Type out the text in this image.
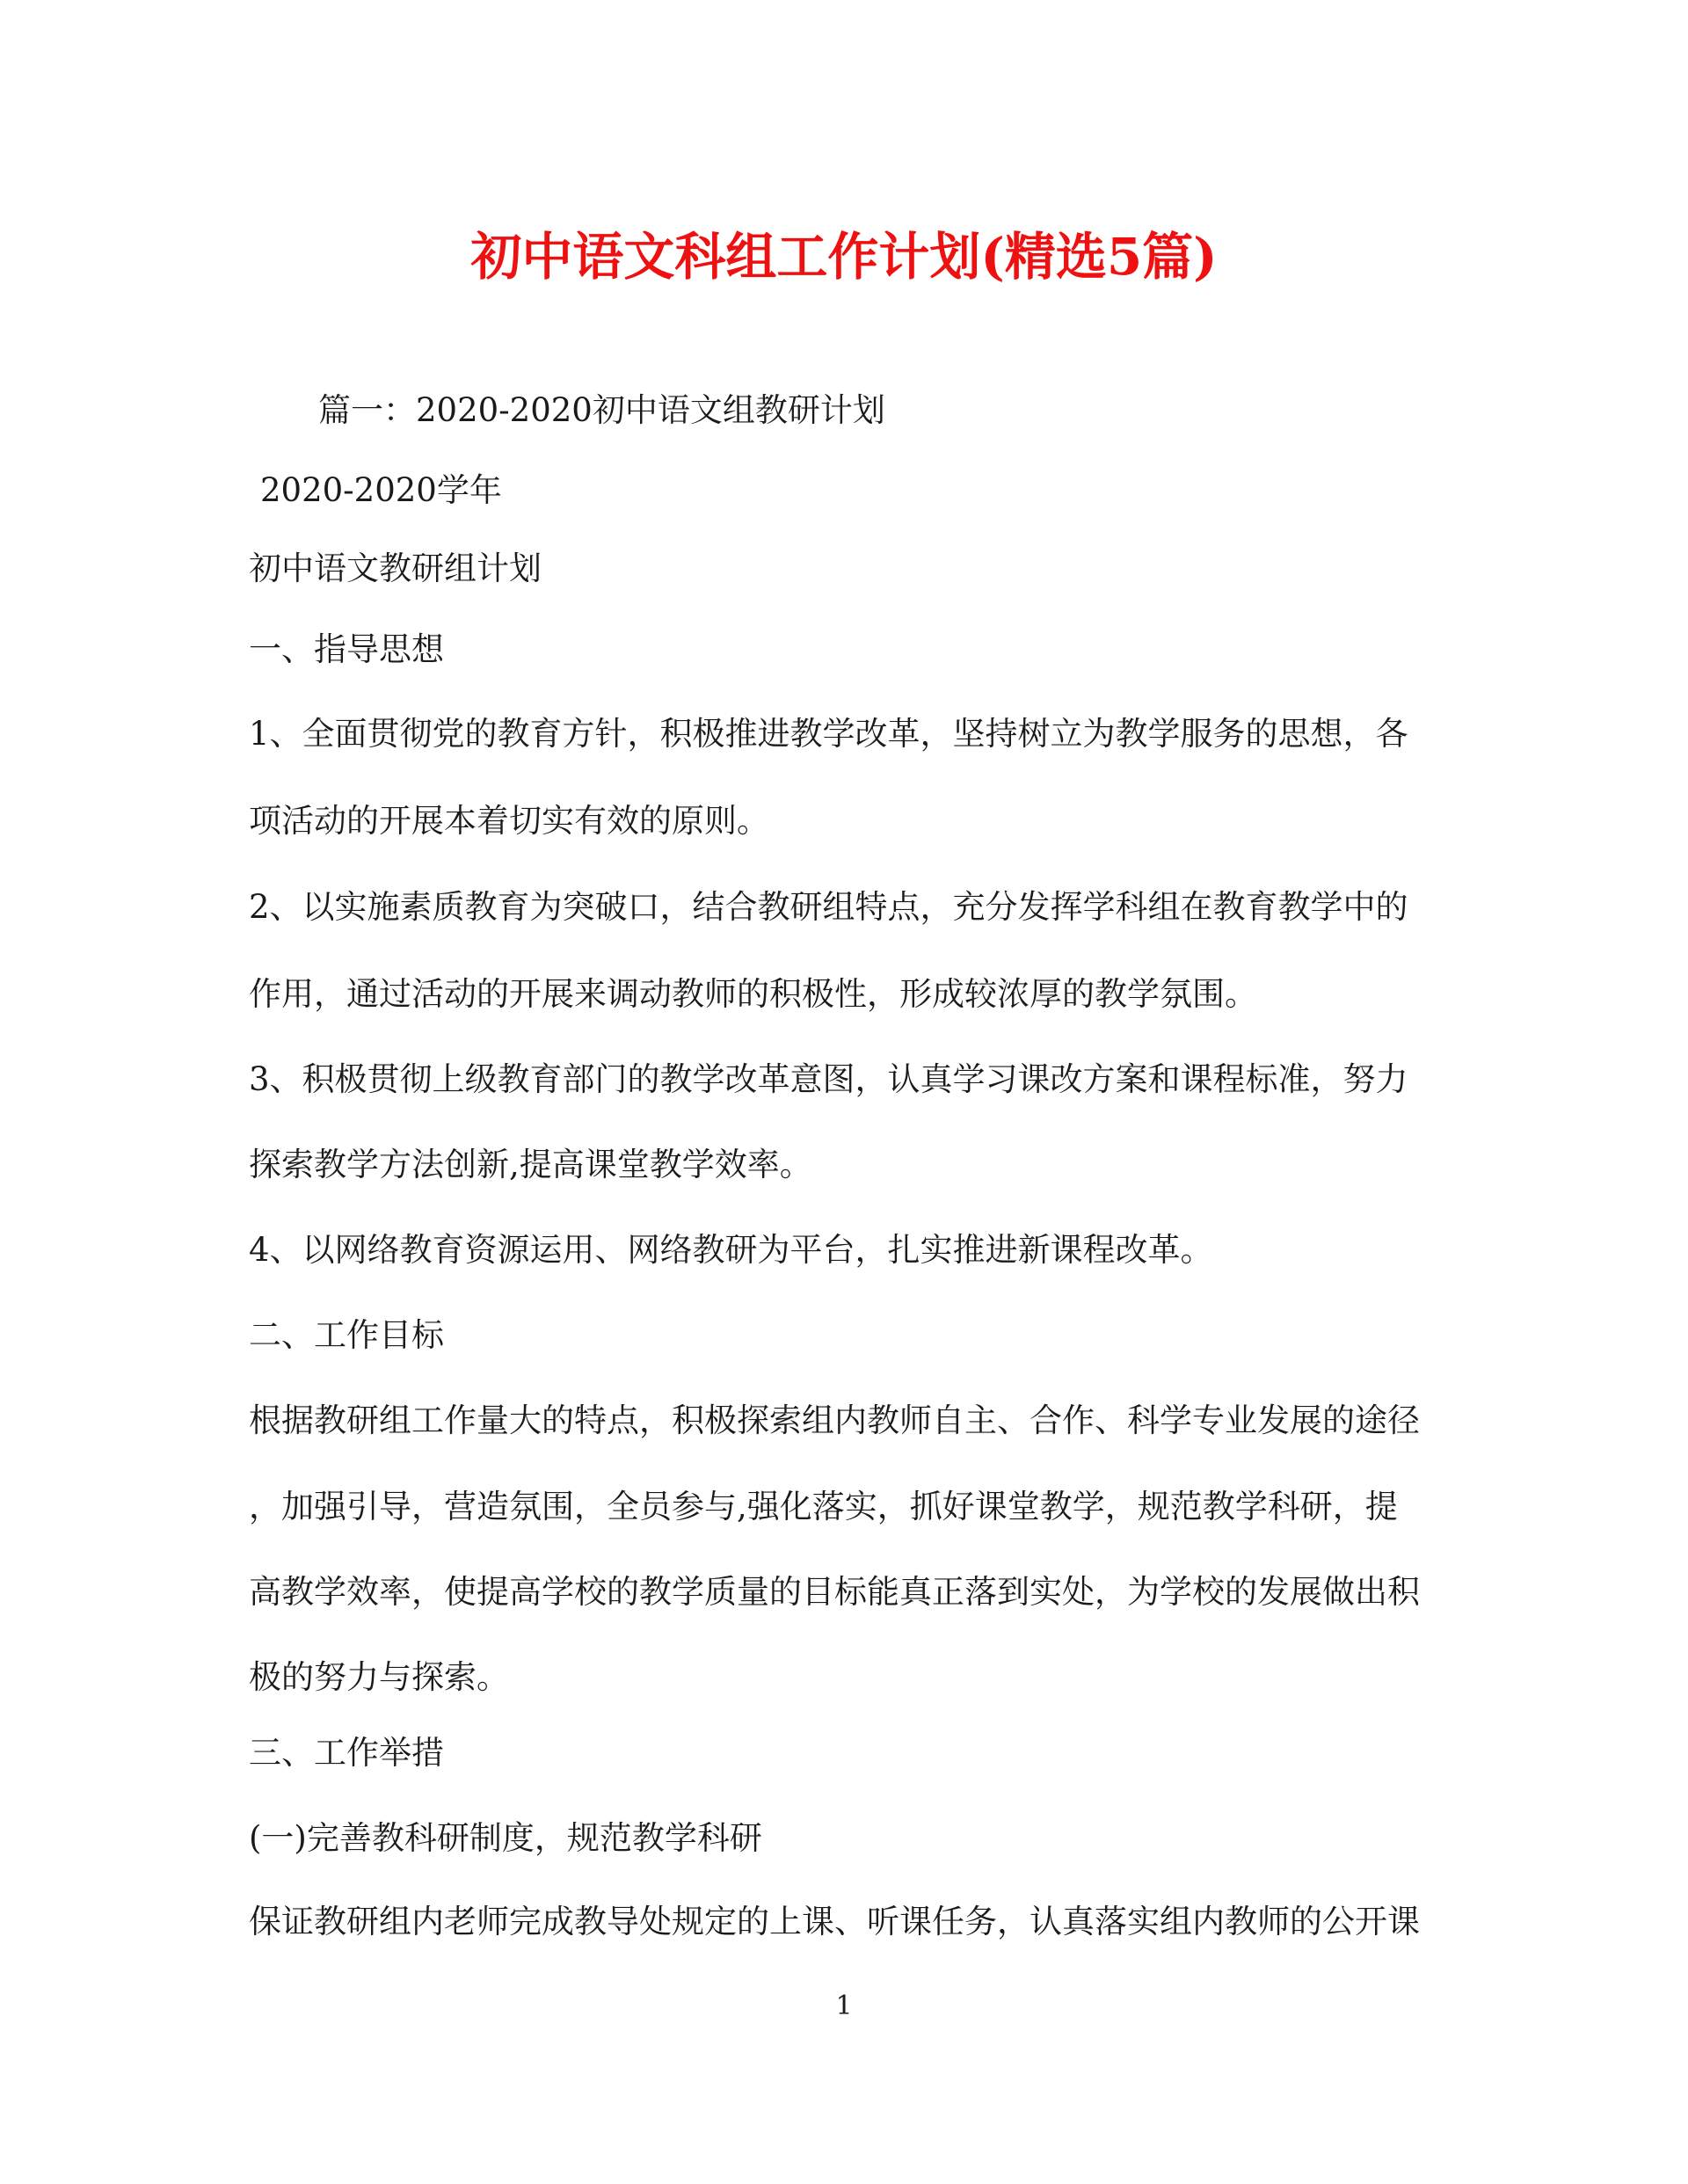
初中语文科组工作计划(精选5篇)
篇一：2020-2020初中语文组教研计划
2020-2020学年
初中语文教研组计划
一、指导思想
1、全面贯彻党的教育方针，积极推进教学改革，坚持树立为教学服务的思想，各
项活动的开展本着切实有效的原则。
2、以实施素质教育为突破口，结合教研组特点，充分发挥学科组在教育教学中的
作用，通过活动的开展来调动教师的积极性，形成较浓厚的教学氛围。
3、积极贯彻上级教育部门的教学改革意图，认真学习课改方案和课程标准，努力
探索教学方法创新,提高课堂教学效率。
4、以网络教育资源运用、网络教研为平台，扎实推进新课程改革。
二、工作目标
根据教研组工作量大的特点，积极探索组内教师自主、合作、科学专业发展的途径
，加强引导，营造氛围，全员参与,强化落实，抓好课堂教学，规范教学科研，提
高教学效率，使提高学校的教学质量的目标能真正落到实处，为学校的发展做出积
极的努力与探索。
三、工作举措
(一)完善教科研制度，规范教学科研
保证教研组内老师完成教导处规定的上课、听课任务，认真落实组内教师的公开课
1
